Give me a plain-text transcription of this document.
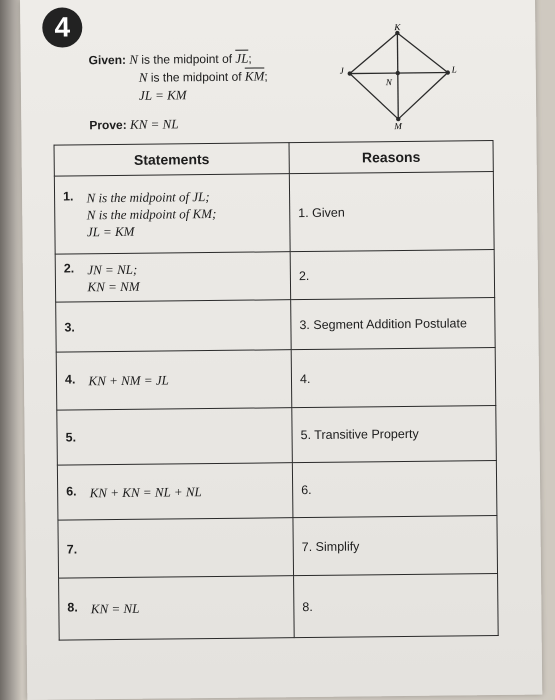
4
Given: N is the midpoint of $\overline{JL}$;
N is the midpoint of $\overline{KM}$;
JL = KM
Prove: KN = NL
K
J
N
L
M
Statements	Reasons
1. N is the midpoint of JL;
N is the midpoint of KM;
JL = KM	1. Given
2. JN = NL;
KN = NM	2.
3.	3. Segment Addition Postulate
4. KN + NM = JL	4.
5.	5. Transitive Property
6. KN + KN = NL + NL	6.
7.	7. Simplify
8. KN = NL	8.
